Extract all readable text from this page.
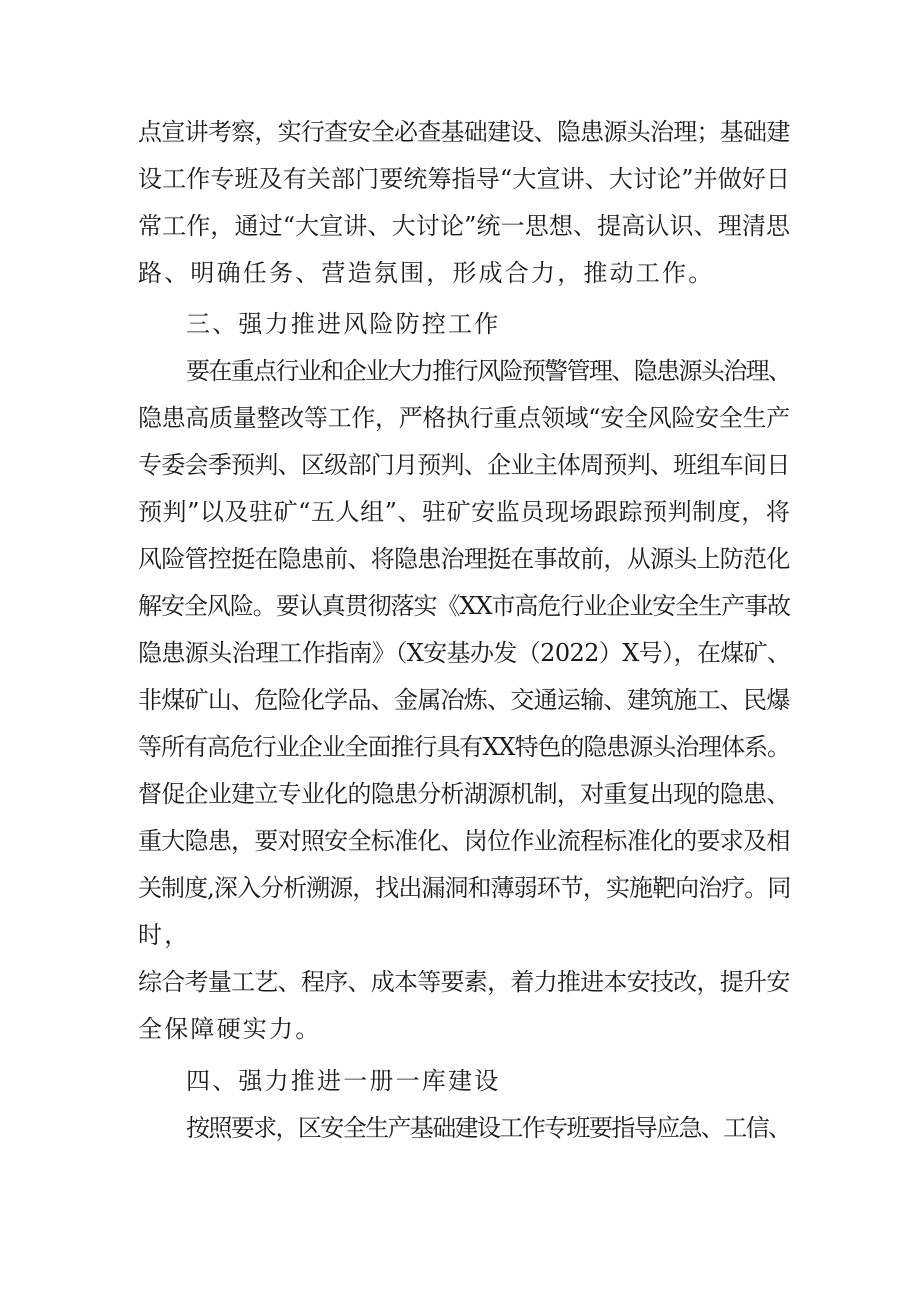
点宣讲考察，实行查安全必查基础建设、隐患源头治理；基础建
设工作专班及有关部门要统筹指导“大宣讲、大讨论”并做好日
常工作，通过“大宣讲、大讨论”统一思想、提高认识、理清思
路、明确任务、营造氛围，形成合力，推动工作。
三、强力推进风险防控工作
要在重点行业和企业大力推行风险预警管理、隐患源头治理、
隐患高质量整改等工作，严格执行重点领域“安全风险安全生产
专委会季预判、区级部门月预判、企业主体周预判、班组车间日
预判”以及驻矿“五人组”、驻矿安监员现场跟踪预判制度，将
风险管控挺在隐患前、将隐患治理挺在事故前，从源头上防范化
解安全风险。要认真贯彻落实《XX市高危行业企业安全生产事故
隐患源头治理工作指南》（X安基办发（2022）X号），在煤矿、
非煤矿山、危险化学品、金属冶炼、交通运输、建筑施工、民爆
等所有高危行业企业全面推行具有XX特色的隐患源头治理体系。
督促企业建立专业化的隐患分析湖源机制，对重复出现的隐患、
重大隐患，要对照安全标准化、岗位作业流程标准化的要求及相
关制度,深入分析溯源，找出漏洞和薄弱环节，实施靶向治疗。同
时，
综合考量工艺、程序、成本等要素，着力推进本安技改，提升安
全保障硬实力。
四、强力推进一册一库建设
按照要求，区安全生产基础建设工作专班要指导应急、工信、
